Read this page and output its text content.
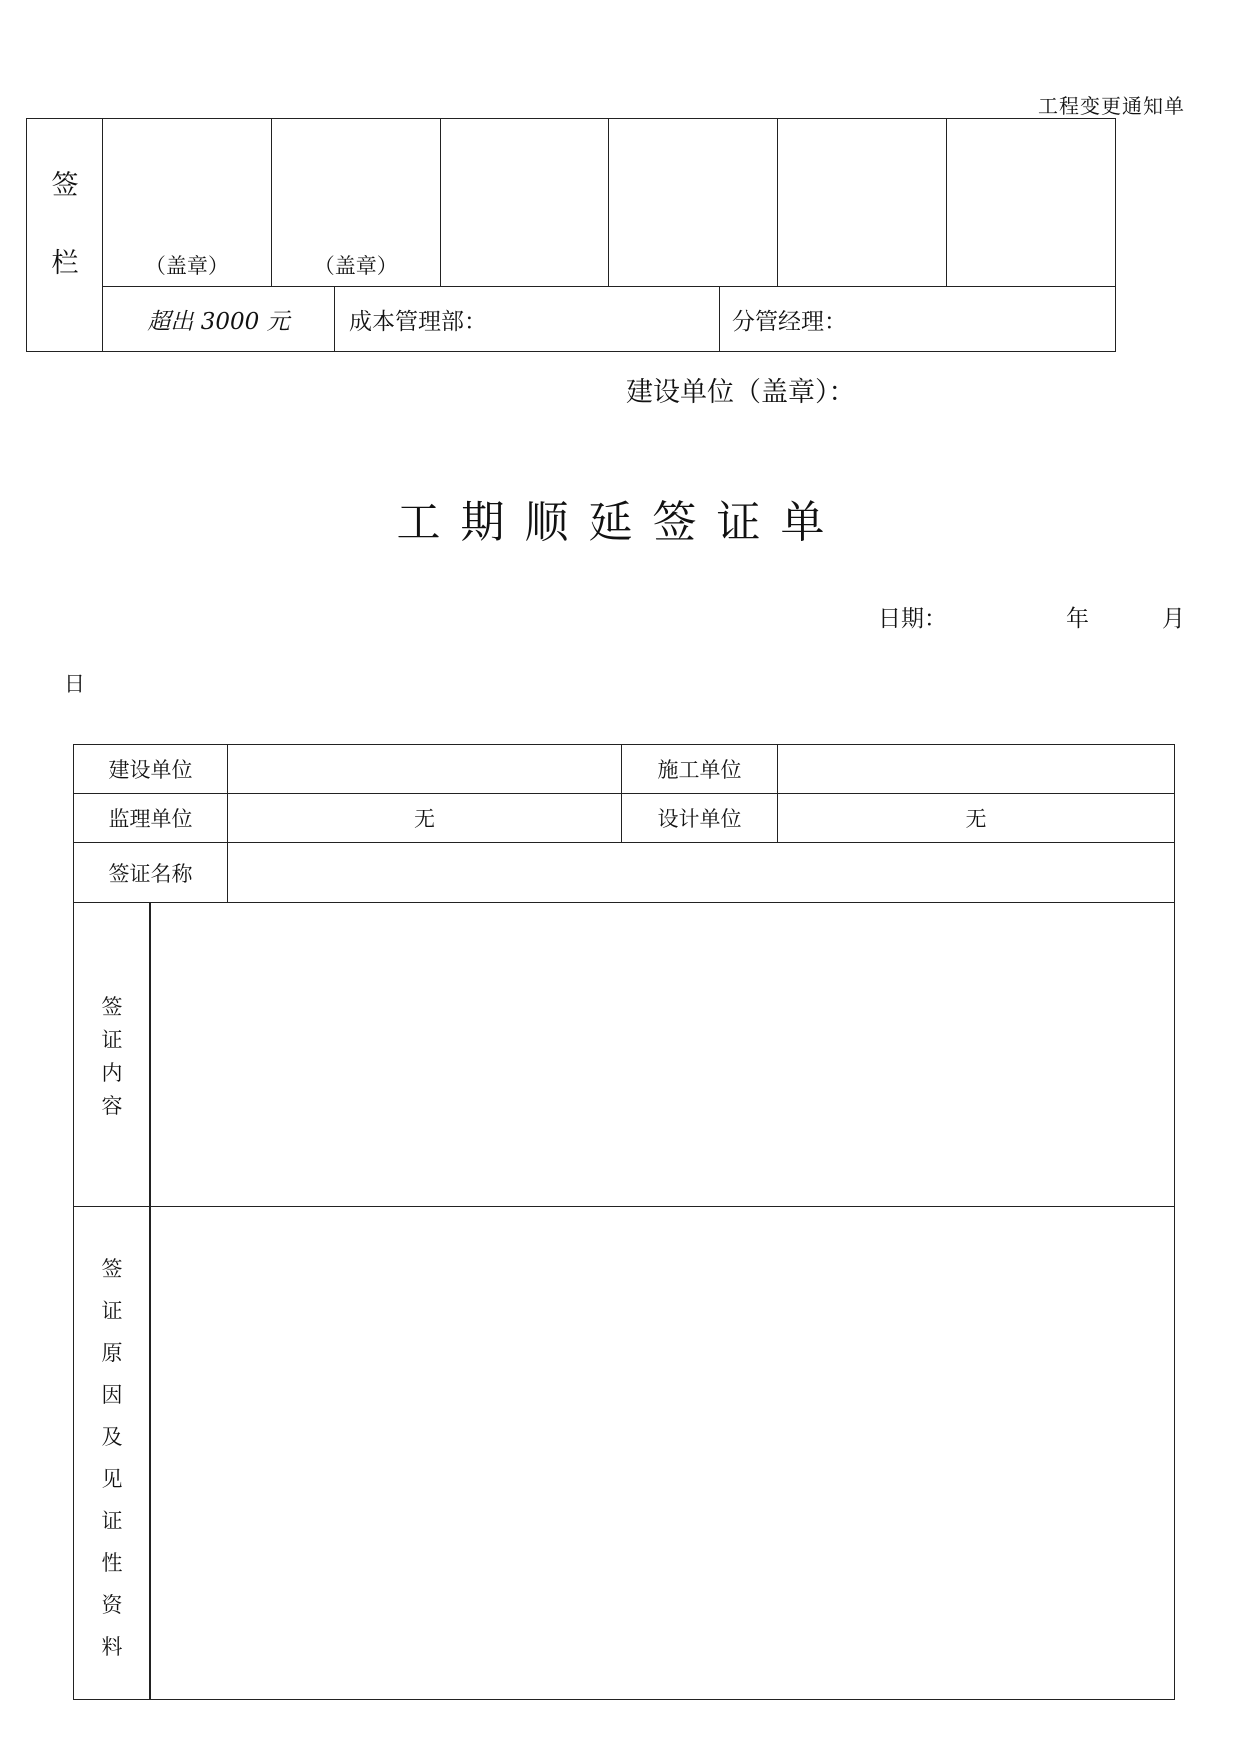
工程变更通知单
签
栏	（盖章）	（盖章）
超出 3000 元	成本管理部：	分管经理：
建设单位（盖章）：
工期顺延签证单
日期：	年	月
日
建设单位	施工单位
监理单位	无	设计单位	无
签证名称
签
证
内
容
签
证
原
因
及
见
证
性
资
料
